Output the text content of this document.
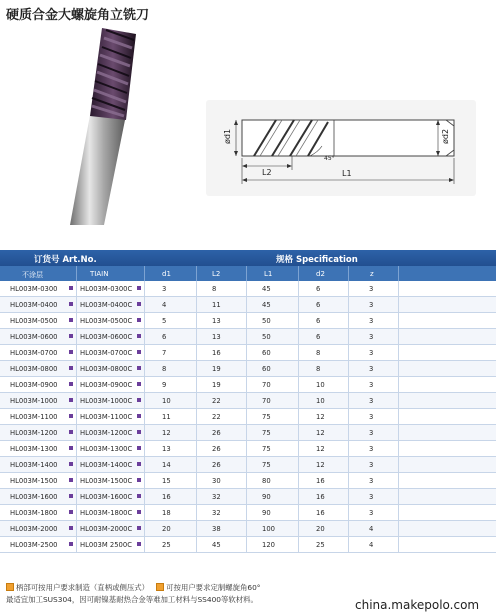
硬质合金大螺旋角立铣刀
ød1	ød2
L2	L1
45°
订货号 Art.No.	规格 Specification
不涂层	TIAIN	d1	L2	L1	d2	z
HL003M-0300	HL003M-0300C	3	8	45	6	3
HL003M-0400	HL003M-0400C	4	11	45	6	3
HL003M-0500	HL003M-0500C	5	13	50	6	3
HL003M-0600	HL003M-0600C	6	13	50	6	3
HL003M-0700	HL003M-0700C	7	16	60	8	3
HL003M-0800	HL003M-0800C	8	19	60	8	3
HL003M-0900	HL003M-0900C	9	19	70	10	3
HL003M-1000	HL003M-1000C	10	22	70	10	3
HL003M-1100	HL003M-1100C	11	22	75	12	3
HL003M-1200	HL003M-1200C	12	26	75	12	3
HL003M-1300	HL003M-1300C	13	26	75	12	3
HL003M-1400	HL003M-1400C	14	26	75	12	3
HL003M-1500	HL003M-1500C	15	30	80	16	3
HL003M-1600	HL003M-1600C	16	32	90	16	3
HL003M-1800	HL003M-1800C	18	32	90	16	3
HL003M-2000	HL003M-2000C	20	38	100	20	4
HL003M-2500	HL003M 2500C	25	45	120	25	4
柄部可按用户要求制造（直柄或侧压式） 可按用户要求定制螺旋角60°
最适宜加工SUS304，因可耐镍基耐热合金等难加工材料与SS400等软材料。	china.makepolo.com
